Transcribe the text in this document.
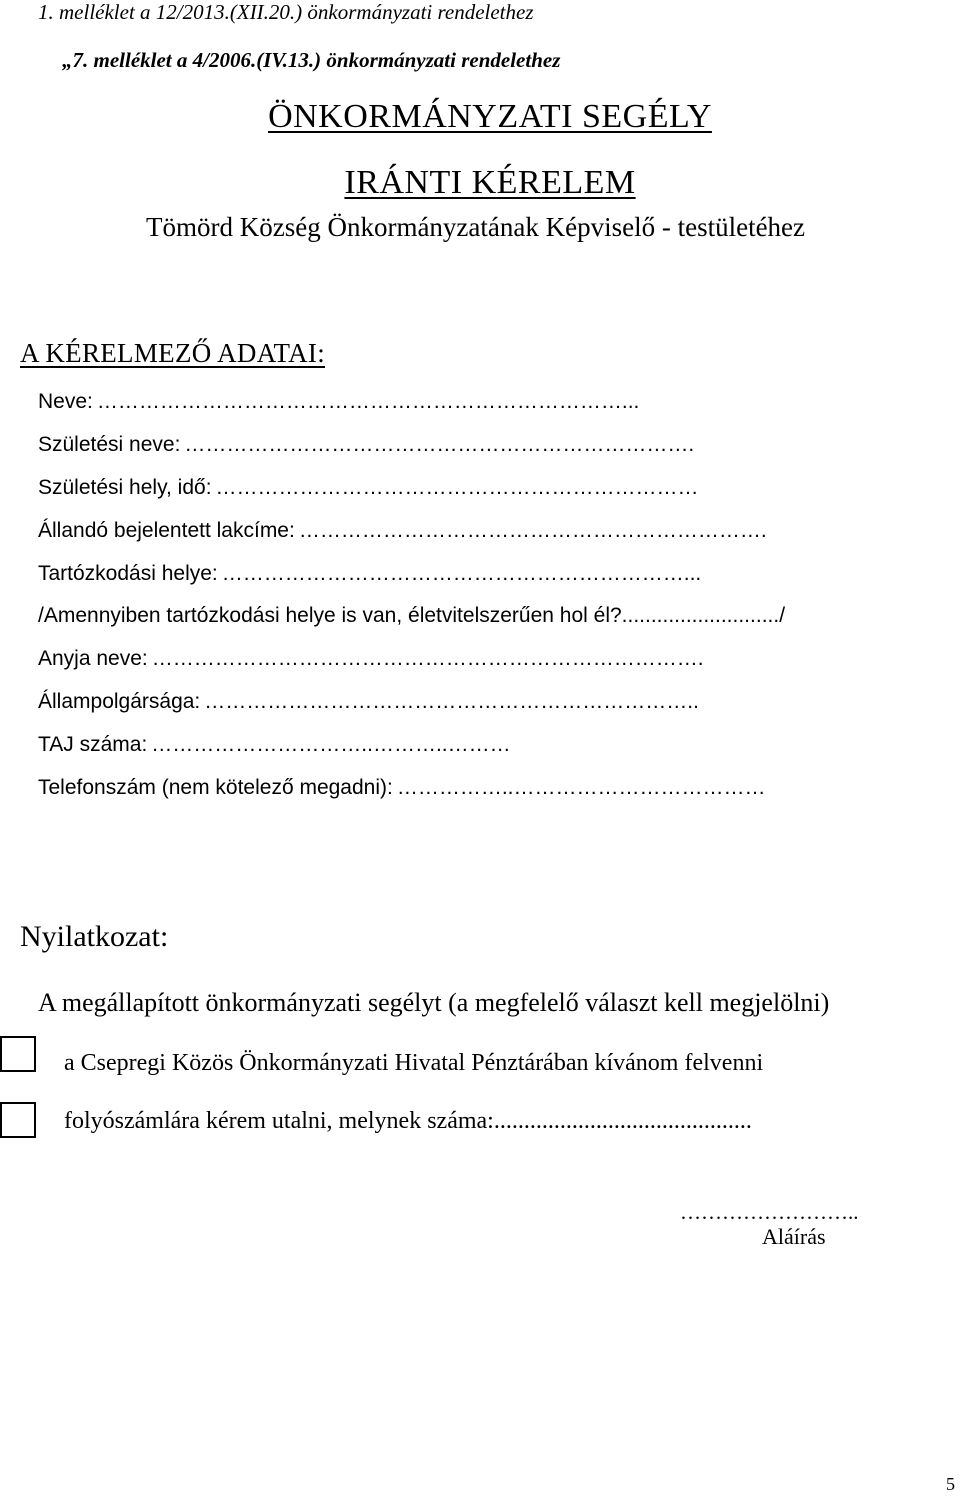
1. melléklet a 12/2013.(XII.20.) önkormányzati rendelethez
„7. melléklet a 4/2006.(IV.13.) önkormányzati rendelethez
ÖNKORMÁNYZATI SEGÉLY
IRÁNTI KÉRELEM
Tömörd Község Önkormányzatának Képviselő - testületéhez
A KÉRELMEZŐ ADATAI:
Neve: …………………………………………………………………...
Születési neve: ……………………………………………………………….
Születési hely, idő: ……………………………………………………………
Állandó bejelentett lakcíme: ………………………………………………………….
Tartózkodási helye: …………………………………………………………...
/Amennyiben tartózkodási helye is van, életvitelszerűen hol él?.........................../
Anyja neve: …………………………………………………………………….
Állampolgársága: ……………………………………………………………..
TAJ száma: …………………………..………..………
Telefonszám (nem kötelező megadni): ……………..………………………………
Nyilatkozat:
A megállapított önkormányzati segélyt (a megfelelő választ kell megjelölni)
a Csepregi Közös Önkormányzati Hivatal Pénztárában kívánom felvenni
folyószámlára kérem utalni, melynek száma:...........................................
……………………..
Aláírás
5
